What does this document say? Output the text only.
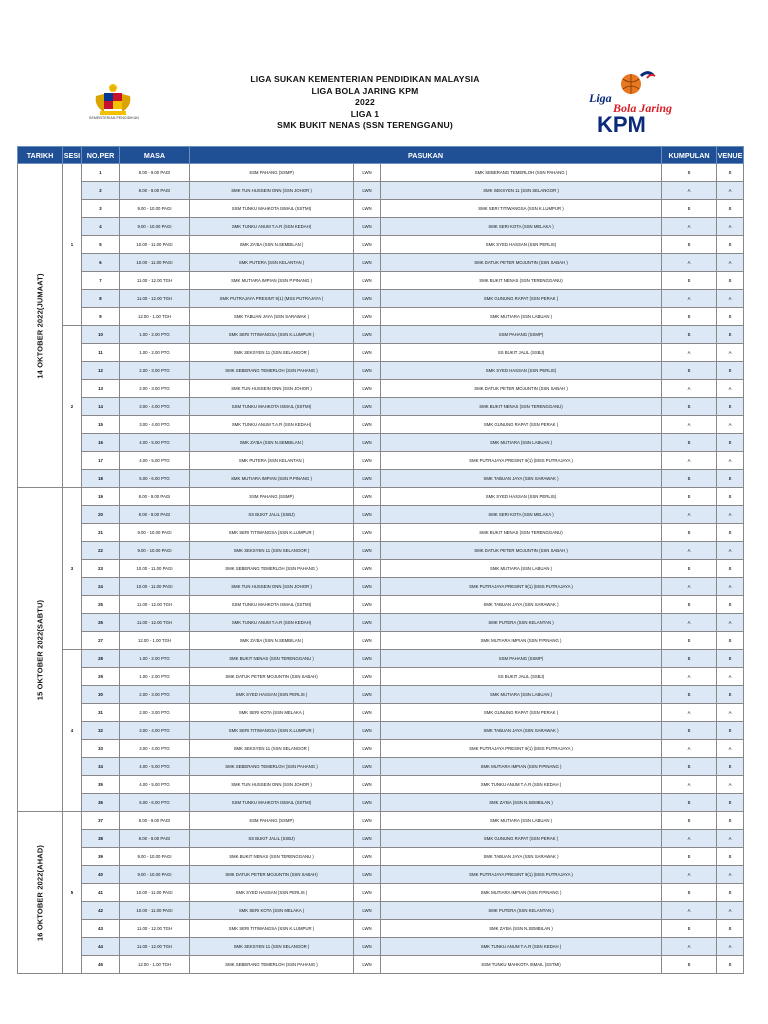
KEMENTERIAN PENDIDIKAN
LIGA SUKAN KEMENTERIAN PENDIDIKAN MALAYSIA
LIGA BOLA JARING KPM
2022
LIGA 1
SMK BUKIT NENAS (SSN TERENGGANU)
Liga
Bola Jaring
KPM
TARIKH	SESI	NO.PER	MASA	PASUKAN			KUMPULAN	VENUE

14 OKTOBER 2022(JUMAAT)	1	1	8.00 - 9.00 PAGI	SSM PAHANG (SSMP)	LWN	SMK SEBERANG TEMERLOH (SSN PAHANG )	B	B
		2	8.00 - 9.00 PAGI	SMK TUN HUSSEIN ONN (SSN JOHOR )	LWN	SMK SEKSYEN 11 (SSN SELANGOR )	A	A
		3	9.00 - 10.00 PAGI	SSM TUNKU MAHKOTA ISMAIL (SSTMI)	LWN	SMK SERI TITIWANGSA (SSN K.LUMPUR )	B	B
		4	9.00 - 10.00 PAGI	SMK TUNKU ANUM T.A.R (SSN KEDAH)	LWN	SMK SERI KOTA (SSN MELAKA )	A	A
		5	10.00 - 11.00 PAGI	SMK ZA'BA (SSN N.SEMBILAN )	LWN	SMK SYED HASSAN (SSN PERLIS)	B	B
		6	10.00 - 11.00 PAGI	SMK PUTERA (SSN KELANTAN )	LWN	SMK DATUK PETER MOJUNTIN (SSN SABAH )	A	A
		7	11.00 - 12.00 TGH	SMK MUTIARA IMPIAN (SSN P.PINANG )	LWN	SMK BUKIT NENAS (SSN TERENGGANU)	B	B
		8	11.00 - 12.00 TGH	SMK PUTRAJAYA PRESINT 9(1) (MSS PUTRAJAYA )	LWN	SMK GUNUNG RAPAT (SSN PERAK )	A	A
		9	12.00 - 1.00 TGH	SMK TABUAN JAYA (SSN SARAWAK )	LWN	SMK MUTIARA (SSN LABUAN )	B	B
	2	10	1.00 - 2.00 PTG	SMK SERI TITIWANGSA (SSN K.LUMPUR )	LWN	SSM PAHANG (SSMP)	B	B
		11	1.00 - 2.00 PTG	SMK SEKSYEN 11 (SSN SELANGOR )	LWN	SS BUKIT JALIL (SSBJ)	A	A
		12	2.00 - 3.00 PTG	SMK SEBERANG TEMERLOH (SSN PAHANG )	LWN	SMK SYED HASSAN (SSN PERLIS)	B	B
		13	2.00 - 3.00 PTG	SMK TUN HUSSEIN ONN (SSN JOHOR )	LWN	SMK DATUK PETER MOJUNTIN (SSN SABAH )	A	A
		14	3.00 - 4.00 PTG	SSM TUNKU MAHKOTA ISMAIL (SSTMI)	LWN	SMK BUKIT NENAS (SSN TERENGGANU)	B	B
		15	3.00 - 4.00 PTG	SMK TUNKU ANUM T.A.R (SSN KEDAH)	LWN	SMK GUNUNG RAPAT (SSN PERAK )	A	A
		16	4.00 - 5.00 PTG	SMK ZA'BA (SSN N.SEMBILAN )	LWN	SMK MUTIARA (SSN LABUAN )	B	B
		17	4.00 - 5.00 PTG	SMK PUTERA (SSN KELANTAN )	LWN	SMK PUTRAJAYA PRESINT 9(1) (MSS PUTRAJAYA )	A	A
		18	5.00 - 6.00 PTG	SMK MUTIARA IMPIAN (SSN P.PINANG )	LWN	SMK TABUAN JAYA (SSN SARAWAK )	B	B

15 OKTOBER 2022(SABTU)	3	19	8.00 - 9.00 PAGI	SSM PAHANG (SSMP)	LWN	SMK SYED HASSAN (SSN PERLIS)	B	B
		20	8.00 - 9.00 PAGI	SS BUKIT JALIL (SSBJ)	LWN	SMK SERI KOTA (SSN MELAKA )	A	A
		21	9.00 - 10.00 PAGI	SMK SERI TITIWANGSA (SSN K.LUMPUR )	LWN	SMK BUKIT NENAS (SSN TERENGGANU)	B	B
		22	9.00 - 10.00 PAGI	SMK SEKSYEN 11 (SSN SELANGOR )	LWN	SMK DATUK PETER MOJUNTIN (SSN SABAH )	A	A
		23	10.00 - 11.00 PAGI	SMK SEBERANG TEMERLOH (SSN PAHANG )	LWN	SMK MUTIARA (SSN LABUAN )	B	B
		24	10.00 - 11.00 PAGI	SMK TUN HUSSEIN ONN (SSN JOHOR )	LWN	SMK PUTRAJAYA PRESINT 9(1) (MSS PUTRAJAYA )	A	A
		25	11.00 - 12.00 TGH	SSM TUNKU MAHKOTA ISMAIL (SSTMI)	LWN	SMK TABUAN JAYA (SSN SARAWAK )	B	B
		26	11.00 - 12.00 TGH	SMK TUNKU ANUM T.A.R (SSN KEDAH)	LWN	SMK PUTERA (SSN KELANTAN )	A	A
		27	12.00 - 1.00 TGH	SMK ZA'BA (SSN N.SEMBILAN )	LWN	SMK MUTIARA IMPIAN (SSN P.PINANG )	B	B
	4	28	1.00 - 2.00 PTG	SMK BUKIT NENAS (SSN TERENGGANU )	LWN	SSM PAHANG (SSMP)	B	B
		29	1.00 - 2.00 PTG	SMK DATUK PETER MOJUNTIN (SSN SABAH)	LWN	SS BUKIT JALIL (SSBJ)	A	A
		30	2.00 - 3.00 PTG	SMK SYED HASSAN (SSN PERLIS )	LWN	SMK MUTIARA (SSN LABUAN )	B	B
		31	2.00 - 3.00 PTG	SMK SERI KOTA (SSN MELAKA )	LWN	SMK GUNUNG RAPAT (SSN PERAK )	A	A
		32	3.00 - 4.00 PTG	SMK SERI TITIWANGSA (SSN K.LUMPUR )	LWN	SMK TABUAN JAYA (SSN SARAWAK )	B	B
		33	3.00 - 4.00 PTG	SMK SEKSYEN 11 (SSN SELANGOR )	LWN	SMK PUTRAJAYA PRESINT 9(1) (MSS PUTRAJAYA )	A	A
		34	4.00 - 5.00 PTG	SMK SEBERANG TEMERLOH (SSN PAHANG )	LWN	SMK MUTIARA IMPIAN (SSN P.PINANG )	B	B
		35	4.00 - 5.00 PTG	SMK TUN HUSSEIN ONN (SSN JOHOR )	LWN	SMK TUNKU ANUM T.A.R (SSN KEDAH )	A	A
		36	5.00 - 6.00 PTG	SSM TUNKU MAHKOTA ISMAIL (SSTMI)	LWN	SMK ZA'BA (SSN N.SEMBILAN )	B	B

16 OKTOBER 2022(AHAD)	5	37	8.00 - 9.00 PAGI	SSM PAHANG (SSMP)	LWN	SMK MUTIARA (SSN LABUAN )	B	B
		38	8.00 - 9.00 PAGI	SS BUKIT JALIL (SSBJ)	LWN	SMK GUNUNG RAPAT (SSN PERAK )	A	A
		39	9.00 - 10.00 PAGI	SMK BUKIT NENAS (SSN TERENGGANU )	LWN	SMK TABUAN JAYA (SSN SARAWAK )	B	B
		40	9.00 - 10.00 PAGI	SMK DATUK PETER MOJUNTIN (SSN SABAH)	LWN	SMK PUTRAJAYA PRESINT 9(1) (MSS PUTRAJAYA )	A	A
		41	10.00 - 11.00 PAGI	SMK SYED HASSAN (SSN PERLIS )	LWN	SMK MUTIARA IMPIAN (SSN P.PINANG )	B	B
		42	10.00 - 11.00 PAGI	SMK SERI KOTA (SSN MELAKA )	LWN	SMK PUTERA (SSN KELANTAN )	A	A
		43	11.00 - 12.00 TGH	SMK SERI TITIWANGSA (SSN K.LUMPUR )	LWN	SMK ZA'BA (SSN N.SEMBILAN )	B	B
		44	11.00 - 12.00 TGH	SMK SEKSYEN 11 (SSN SELANGOR )	LWN	SMK TUNKU ANUM T.A.R (SSN KEDAH )	A	A
		45	12.00 - 1.00 TGH	SMK SEBERANG TEMERLOH (SSN PAHANG )	LWN	SSM TUNKU MAHKOTA ISMAIL (SSTMI)	B	B
